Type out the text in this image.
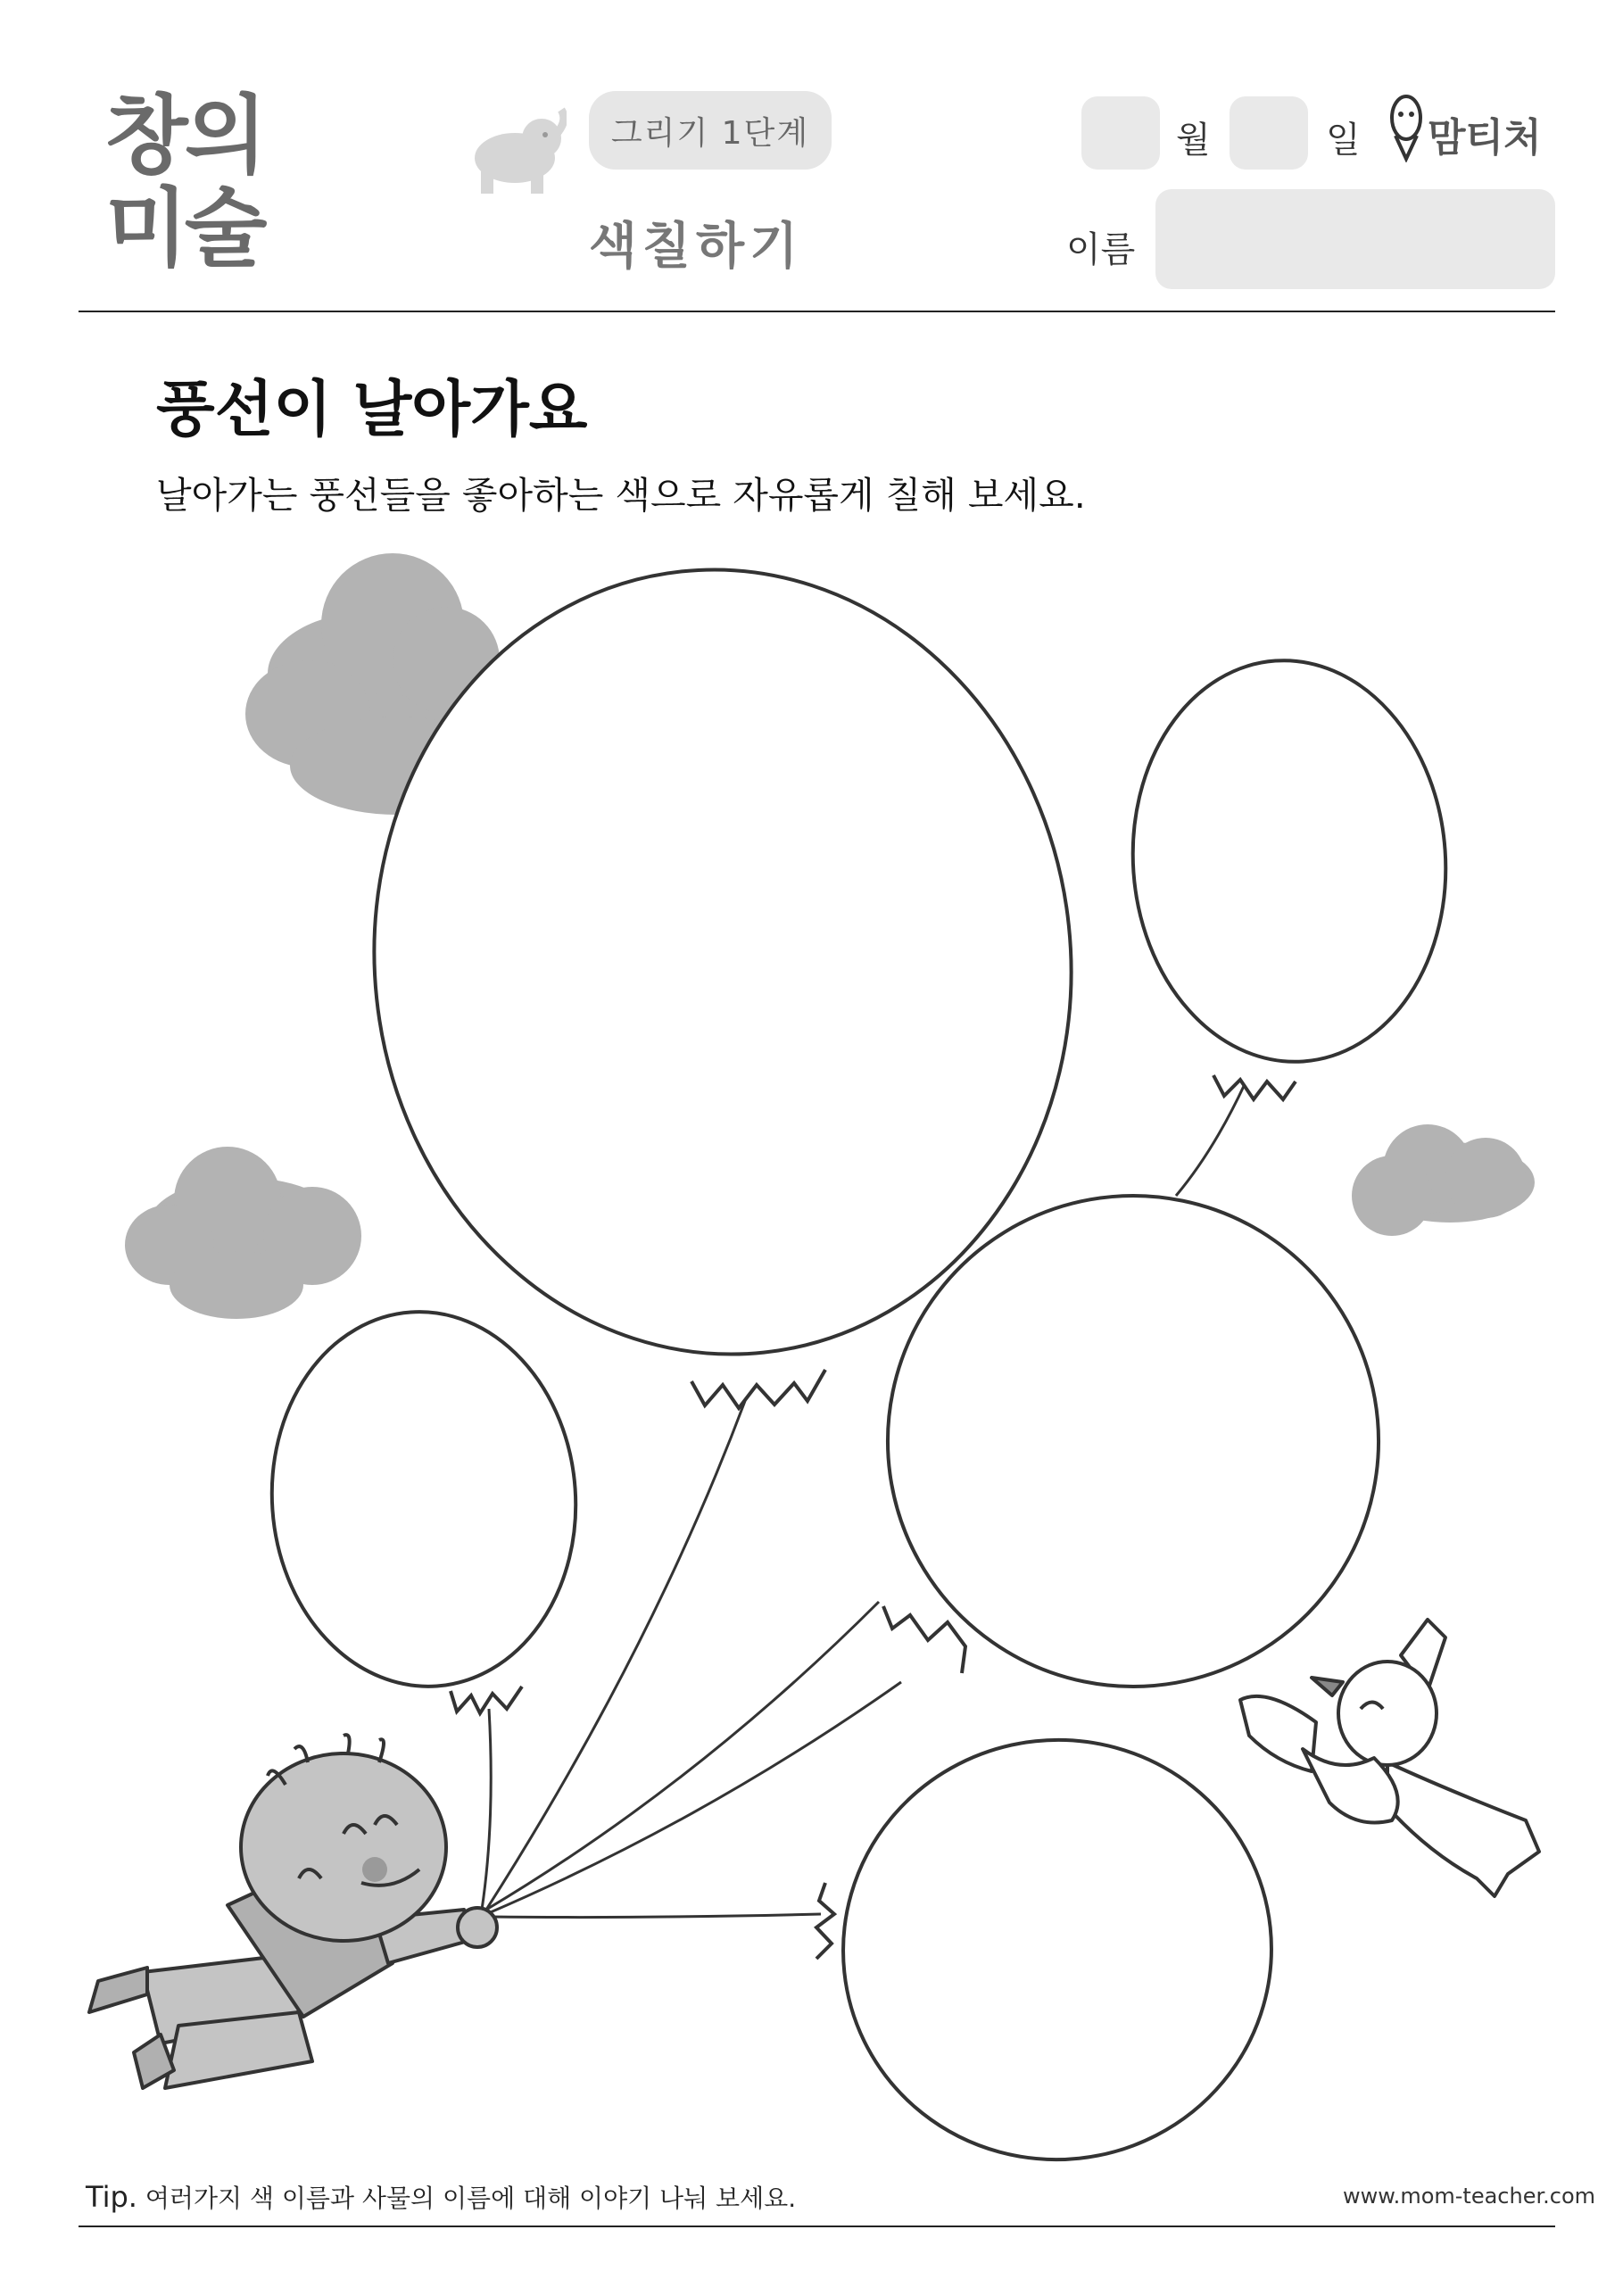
창의
미술
그리기 1단계
색칠하기
월	일 맘티처
이름
풍선이 날아가요
날아가는 풍선들을 좋아하는 색으로 자유롭게 칠해 보세요.
Tip. 여러가지 색 이름과 사물의 이름에 대해 이야기 나눠 보세요.	www.mom-teacher.com
